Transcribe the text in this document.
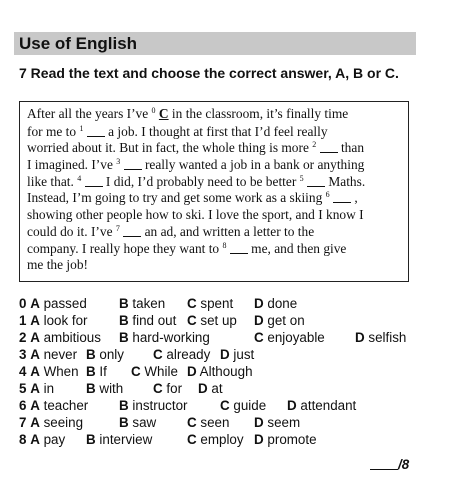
Use of English
7 Read the text and choose the correct answer, A, B or C.
After all the years I’ve $^0$ C in the classroom, it’s finally time
for me to $^1$  a job. I thought at first that I’d feel really
worried about it. But in fact, the whole thing is more $^2$  than
I imagined. I’ve $^3$  really wanted a job in a bank or anything
like that. $^4$  I did, I’d probably need to be better $^5$  Maths.
Instead, I’m going to try and get some work as a skiing $^6$  ,
showing other people how to ski. I love the sport, and I know I
could do it. I’ve $^7$  an ad, and written a letter to the
company. I really hope they want to $^8$  me, and then give
me the job!
0 A passed B taken C spent D done
1 A look for B find out C set up D get on
2 A ambitious B hard-working	C enjoyable D selfish
3 A never B only C already D just
4 A When B If C While D Although
5 A in B with C for D at
6 A teacher B instructor C guide D attendant
7 A seeing	B saw C seen D seem
8 A pay B interview	C employ D promote
/8
